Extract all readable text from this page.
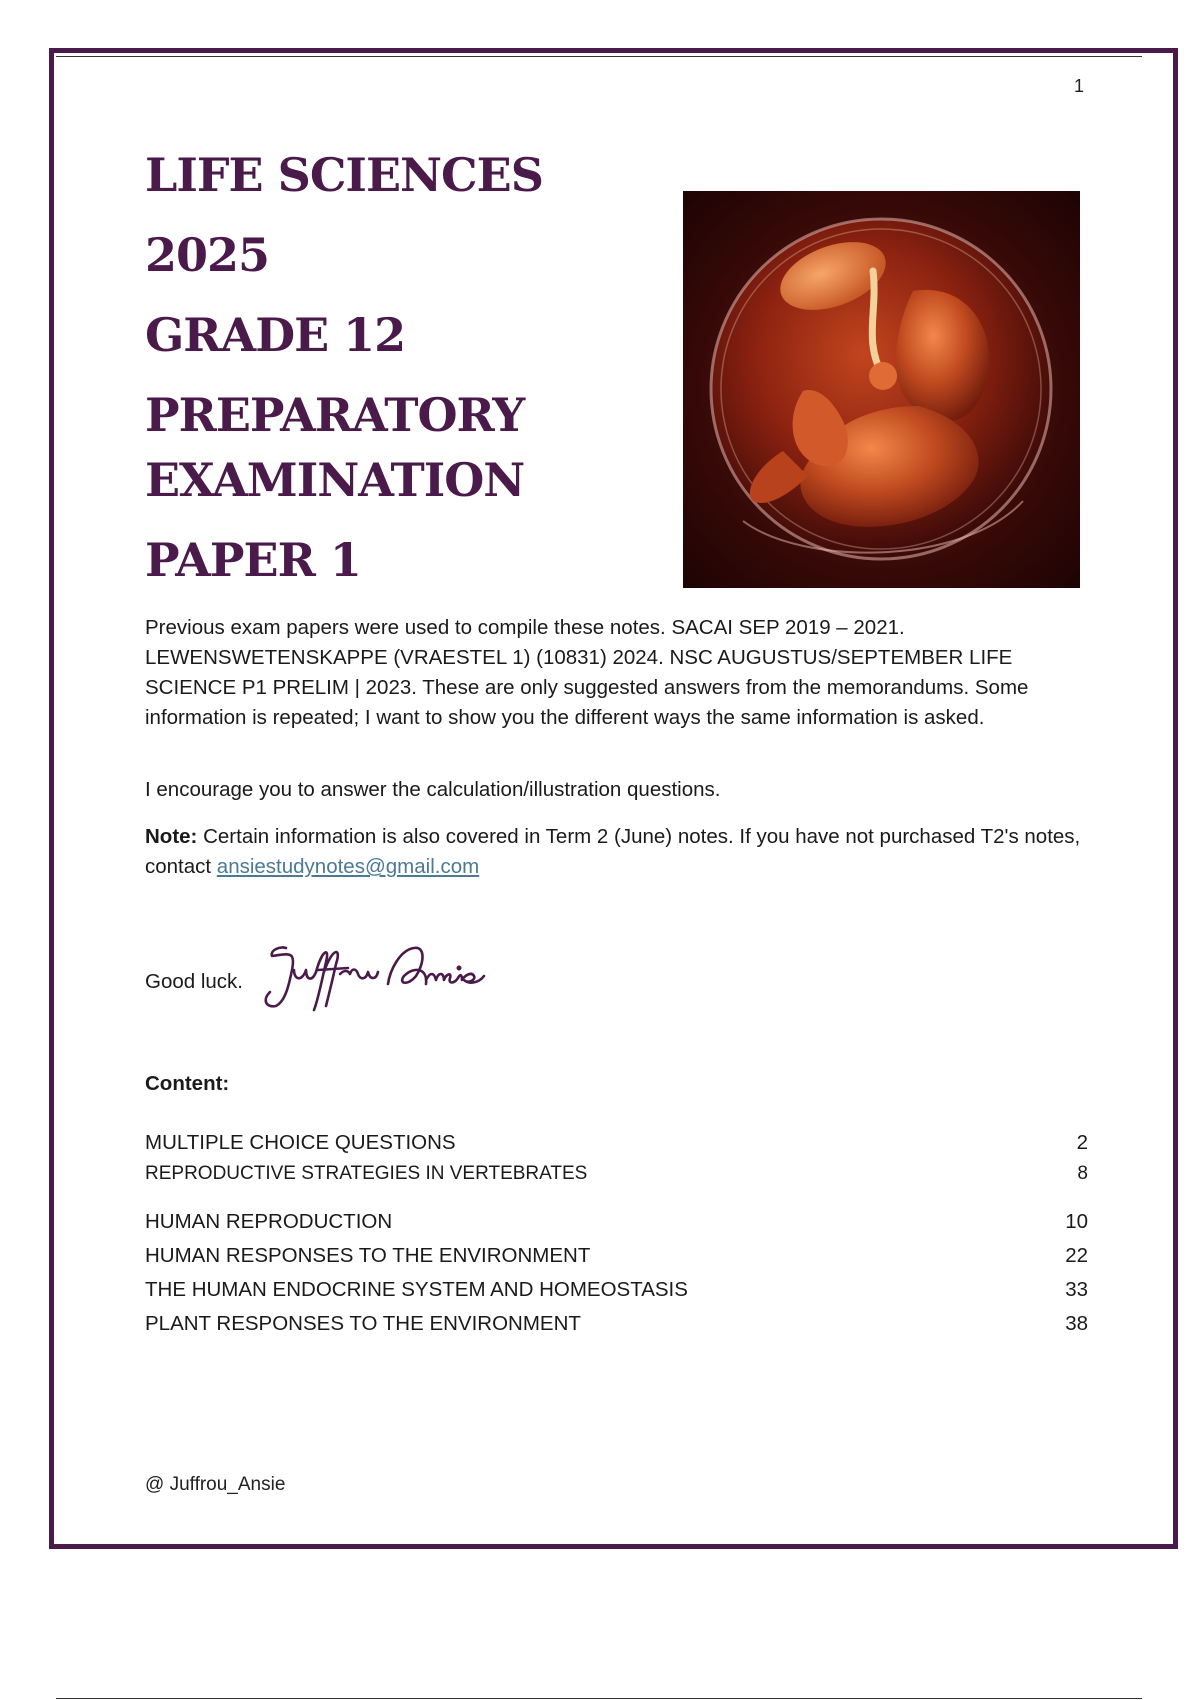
1
LIFE SCIENCES
2025
GRADE 12
PREPARATORY
EXAMINATION
PAPER 1
Previous exam papers were used to compile these notes. SACAI SEP 2019 – 2021. LEWENSWETENSKAPPE (VRAESTEL 1) (10831) 2024. NSC AUGUSTUS/SEPTEMBER LIFE SCIENCE P1 PRELIM | 2023. These are only suggested answers from the memorandums. Some information is repeated; I want to show you the different ways the same information is asked.
I encourage you to answer the calculation/illustration questions.
Note: Certain information is also covered in Term 2 (June) notes. If you have not purchased T2's notes, contact ansiestudynotes@gmail.com
Good luck.
Content:
MULTIPLE CHOICE QUESTIONS	2
REPRODUCTIVE STRATEGIES IN VERTEBRATES	8
HUMAN REPRODUCTION	10
HUMAN RESPONSES TO THE ENVIRONMENT	22
THE HUMAN ENDOCRINE SYSTEM AND HOMEOSTASIS	33
PLANT RESPONSES TO THE ENVIRONMENT	38
@ Juffrou_Ansie
